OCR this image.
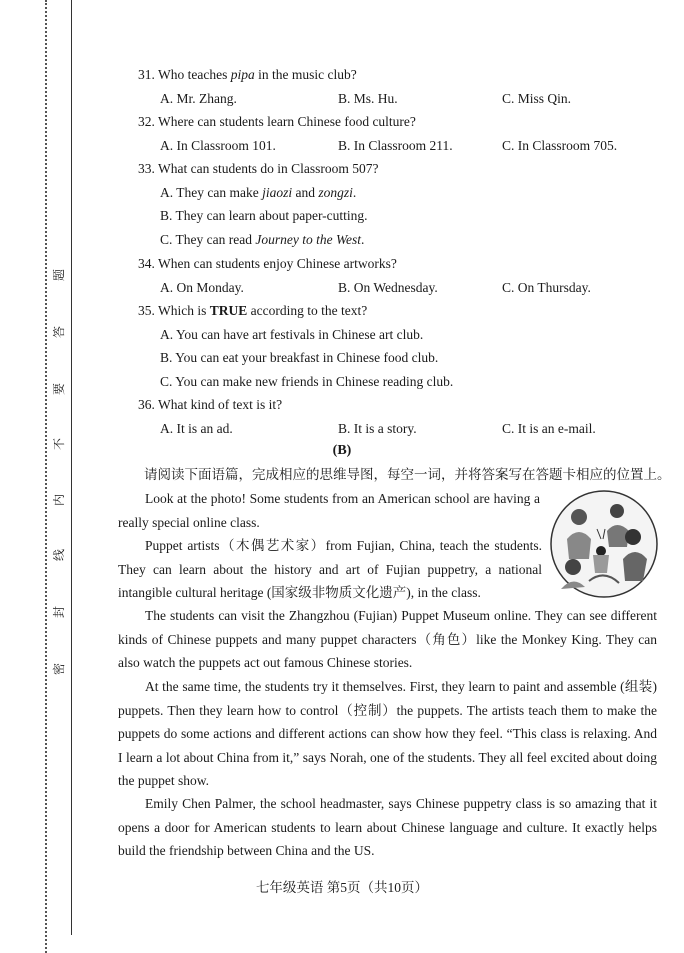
题
答
要
不
内
线
封
密
31. Who teaches pipa in the music club?
A. Mr. Zhang.	B. Ms. Hu.	C. Miss Qin.
32. Where can students learn Chinese food culture?
A. In Classroom 101.	B. In Classroom 211.	C. In Classroom 705.
33. What can students do in Classroom 507?
A. They can make jiaozi and zongzi.
B. They can learn about paper-cutting.
C. They can read Journey to the West.
34. When can students enjoy Chinese artworks?
A. On Monday.	B. On Wednesday.	C. On Thursday.
35. Which is TRUE according to the text?
A. You can have art festivals in Chinese art club.
B. You can eat your breakfast in Chinese food club.
C. You can make new friends in Chinese reading club.
36. What kind of text is it?
A. It is an ad.	B. It is a story.	C. It is an e-mail.
(B)
请阅读下面语篇，完成相应的思维导图，每空一词，并将答案写在答题卡相应的位置上。

Look at the photo! Some students from an American school are having a really special online class.

Puppet artists（木偶艺术家）from Fujian, China, teach the students. They can learn about the history and art of Fujian puppetry, a national intangible cultural heritage (国家级非物质文化遗产), in the class.

The students can visit the Zhangzhou (Fujian) Puppet Museum online. They can see different kinds of Chinese puppets and many puppet characters（角色）like the Monkey King. They can also watch the puppets act out famous Chinese stories.

At the same time, the students try it themselves. First, they learn to paint and assemble (组装) puppets. Then they learn how to control（控制）the puppets. The artists teach them to make the puppets do some actions and different actions can show how they feel. “This class is relaxing. And I learn a lot about China from it,” says Norah, one of the students. They all feel excited about doing the puppet show.

Emily Chen Palmer, the school headmaster, says Chinese puppetry class is so amazing that it opens a door for American students to learn about Chinese language and culture. It exactly helps build the friendship between China and the US.

七年级英语 第5页（共10页）
